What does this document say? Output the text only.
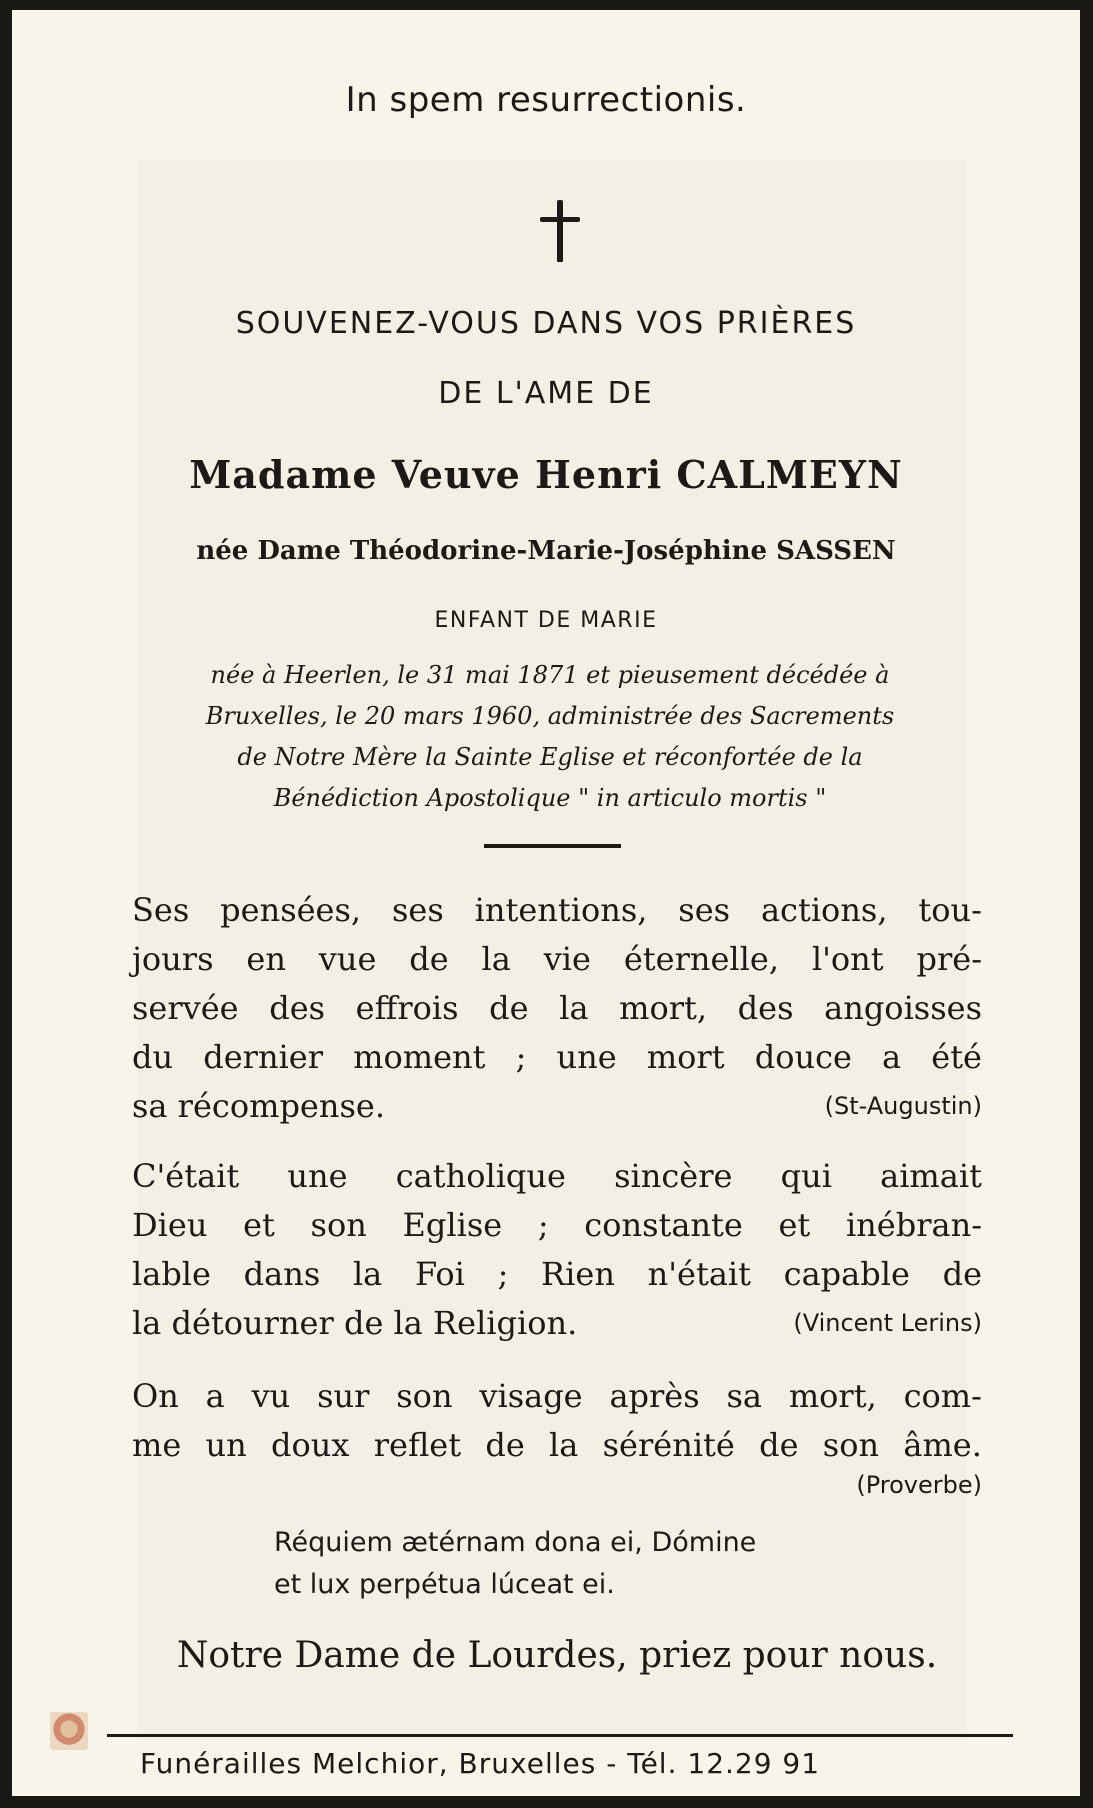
In spem resurrectionis.
SOUVENEZ-VOUS DANS VOS PRIÈRES
DE L'AME DE
Madame Veuve Henri CALMEYN
née Dame Théodorine-Marie-Joséphine SASSEN
ENFANT DE MARIE
née à Heerlen, le 31 mai 1871 et pieusement décédée à
Bruxelles, le 20 mars 1960, administrée des Sacrements
de Notre Mère la Sainte Eglise et réconfortée de la
Bénédiction Apostolique " in articulo mortis "
Ses pensées, ses intentions, ses actions, tou-
jours en vue de la vie éternelle, l'ont pré-
servée des effrois de la mort, des angoisses
du dernier moment ; une mort douce a été
sa récompense.	(St-Augustin)
C'était une catholique sincère qui aimait
Dieu et son Eglise ; constante et inébran-
lable dans la Foi ; Rien n'était capable de
la détourner de la Religion.	(Vincent Lerins)
On a vu sur son visage après sa mort, com-
me un doux reflet de la sérénité de son âme.
(Proverbe)
Réquiem ætérnam dona ei, Dómine
et lux perpétua lúceat ei.
Notre Dame de Lourdes, priez pour nous.
Funérailles Melchior, Bruxelles - Tél. 12.29 91
